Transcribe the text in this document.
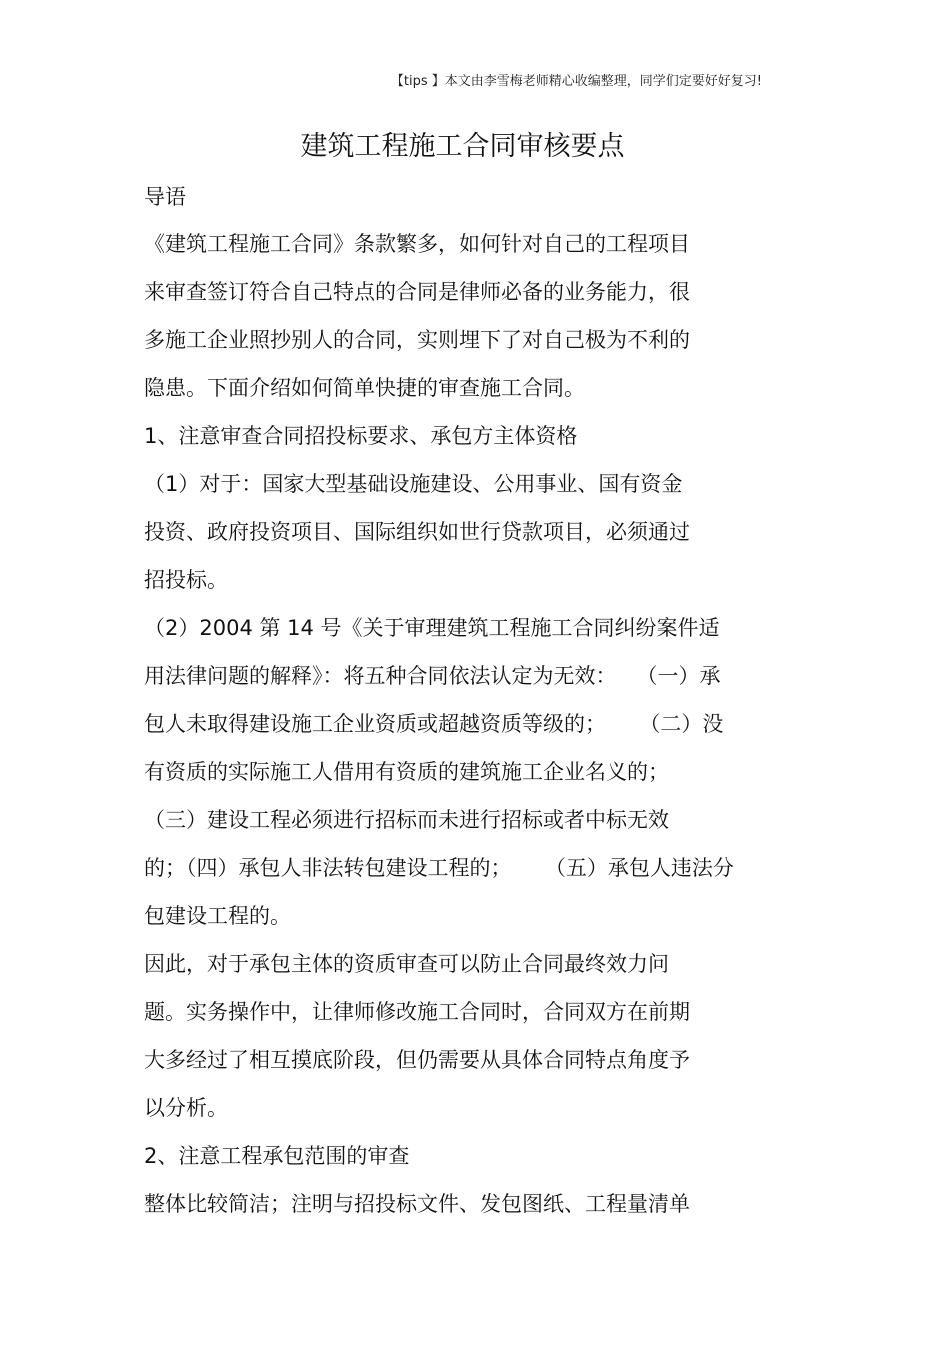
【tips 】本文由李雪梅老师精心收编整理，同学们定要好好复习!
建筑工程施工合同审核要点
导语
《建筑工程施工合同》条款繁多，如何针对自己的工程项目
来审查签订符合自己特点的合同是律师必备的业务能力，很
多施工企业照抄别人的合同，实则埋下了对自己极为不利的
隐患。下面介绍如何简单快捷的审查施工合同。
1、注意审查合同招投标要求、承包方主体资格
（1）对于：国家大型基础设施建设、公用事业、国有资金
投资、政府投资项目、国际组织如世行贷款项目，必须通过
招投标。
（2）2004 第 14 号《关于审理建筑工程施工合同纠纷案件适
用法律问题的解释》：将五种合同依法认定为无效：   （一）承
包人未取得建设施工企业资质或超越资质等级的；     （二）没
有资质的实际施工人借用有资质的建筑施工企业名义的；
（三）建设工程必须进行招标而未进行招标或者中标无效
的；（四）承包人非法转包建设工程的；     （五）承包人违法分
包建设工程的。
因此，对于承包主体的资质审查可以防止合同最终效力问
题。实务操作中，让律师修改施工合同时，合同双方在前期
大多经过了相互摸底阶段，但仍需要从具体合同特点角度予
以分析。
2、注意工程承包范围的审查
整体比较简洁；注明与招投标文件、发包图纸、工程量清单
